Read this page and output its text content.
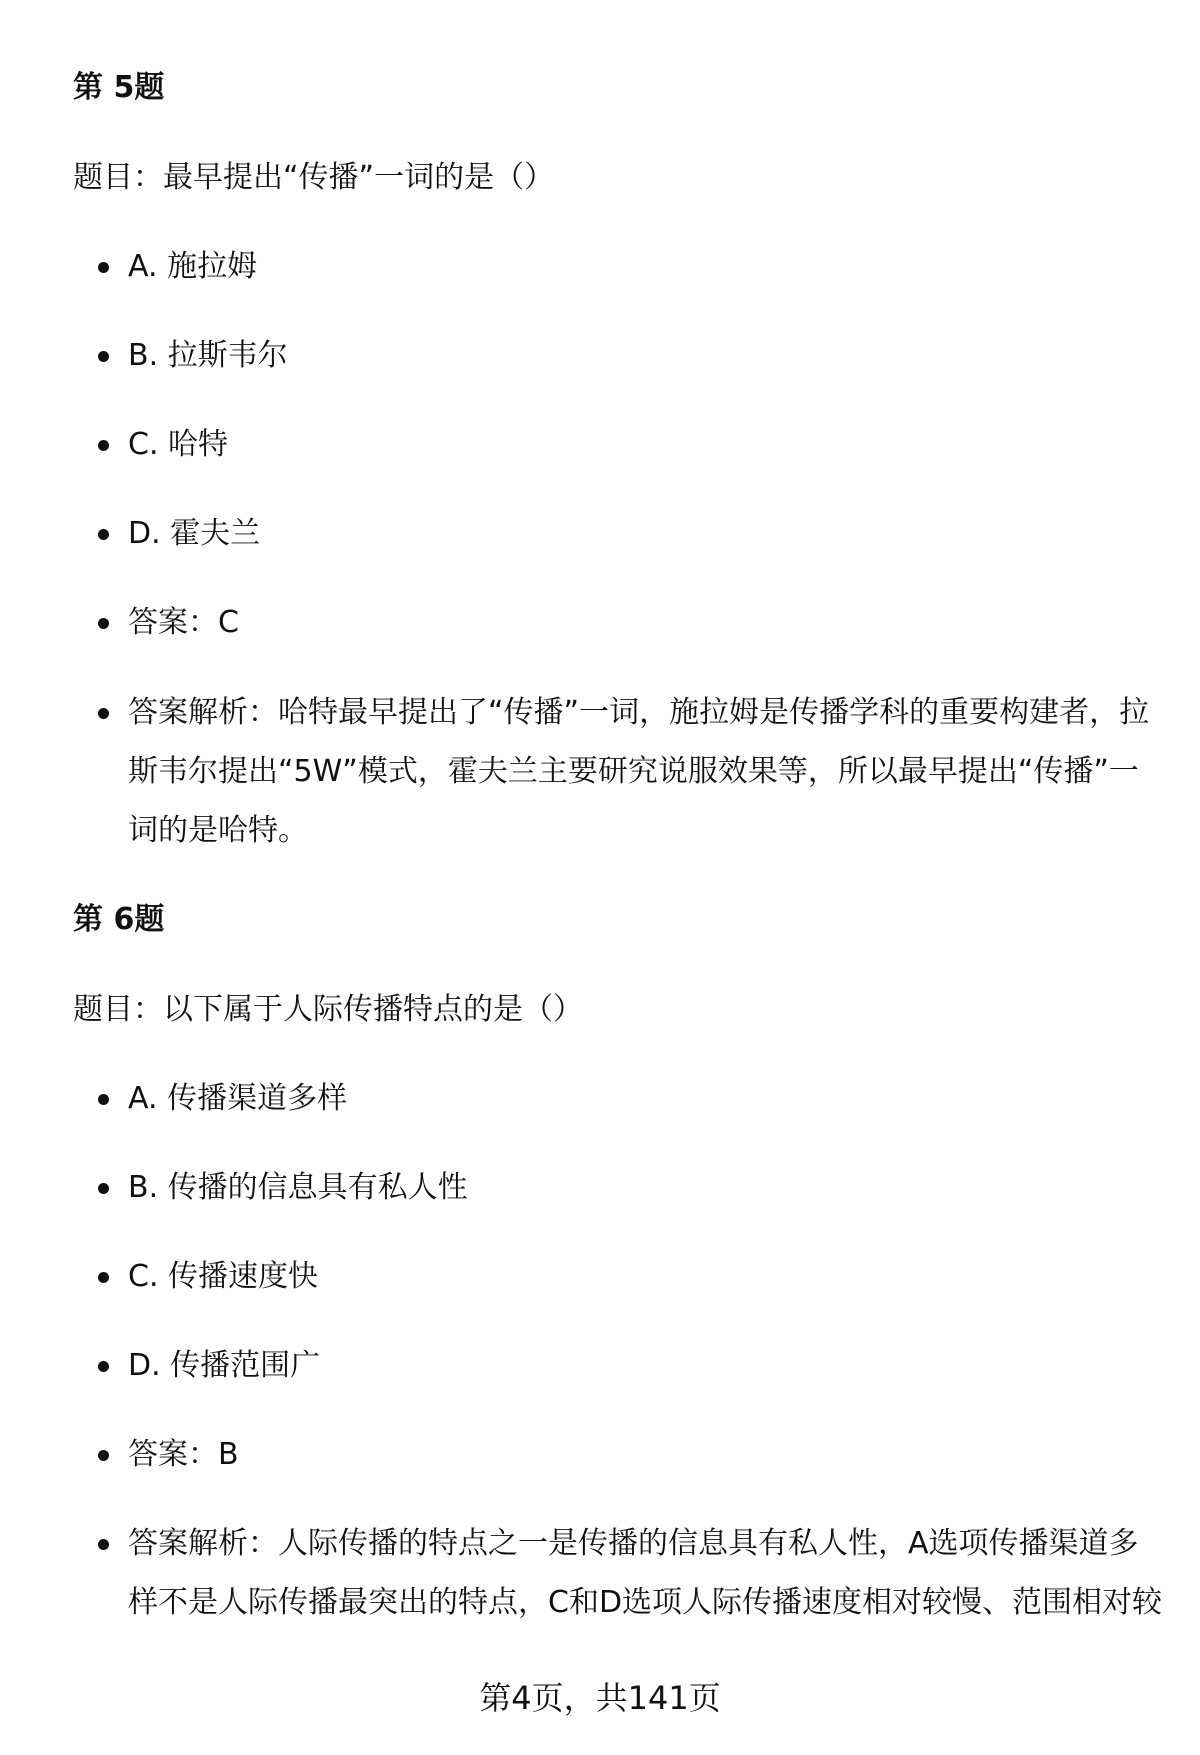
第 5题

题目：最早提出“传播”一词的是（）

A. 施拉姆

B. 拉斯韦尔

C. 哈特

D. 霍夫兰

答案：C

答案解析：哈特最早提出了“传播”一词，施拉姆是传播学科的重要构建者，拉斯韦尔提出“5W”模式，霍夫兰主要研究说服效果等，所以最早提出“传播”一词的是哈特。

第 6题

题目：以下属于人际传播特点的是（）

A. 传播渠道多样

B. 传播的信息具有私人性

C. 传播速度快

D. 传播范围广

答案：B

答案解析：人际传播的特点之一是传播的信息具有私人性，A选项传播渠道多样不是人际传播最突出的特点，C和D选项人际传播速度相对较慢、范围相对较

第4页，共141页
